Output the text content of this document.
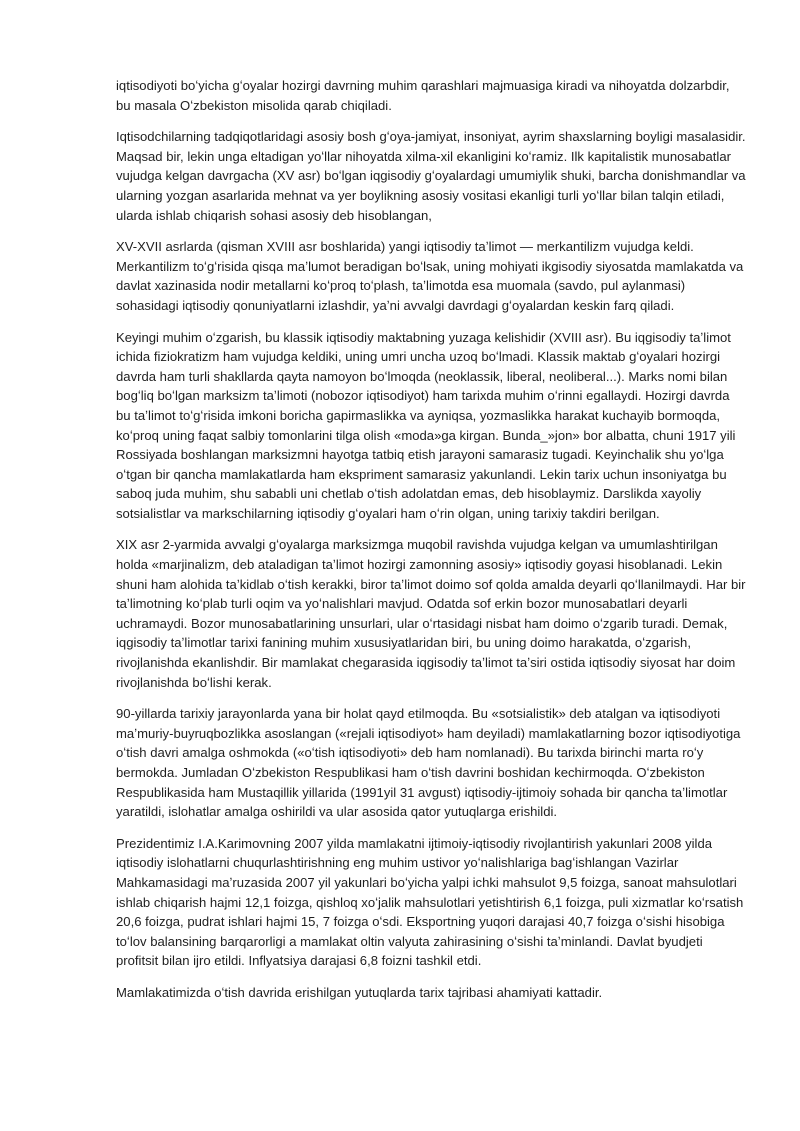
iqtisodiyoti boʻyicha gʻoyalar hozirgi davrning muhim qarashlari majmuasiga kiradi va nihoyatda dolzarbdir, bu masala Oʻzbekiston misolida qarab chiqiladi.

Iqtisodchilarning tadqiqotlaridagi asosiy bosh gʻoya-jamiyat, insoniyat, ayrim shaxslarning boyligi masalasidir. Maqsad bir, lekin unga eltadigan yoʻllar nihoyatda xilma-xil ekanligini koʻramiz. Ilk kapitalistik munosabatlar vujudga kelgan davrgacha (XV asr) boʻlgan iqgisodiy gʻoyalardagi umumiylik shuki, barcha donishmandlar va ularning yozgan asarlarida mehnat va yer boylikning asosiy vositasi ekanligi turli yoʻllar bilan talqin etiladi, ularda ishlab chiqarish sohasi asosiy deb hisoblangan,

XV-XVII asrlarda (qisman XVIII asr boshlarida) yangi iqtisodiy taʼlimot — merkantilizm vujudga keldi. Merkantilizm toʻgʻrisida qisqa maʼlumot beradigan boʻlsak, uning mohiyati ikgisodiy siyosatda mamlakatda va davlat xazinasida nodir metallarni koʻproq toʻplash, taʼlimotda esa muomala (savdo, pul aylanmasi) sohasidagi iqtisodiy qonuniyatlarni izlashdir, yaʼni avvalgi davrdagi gʻoyalardan keskin farq qiladi.

Keyingi muhim oʻzgarish, bu klassik iqtisodiy maktabning yuzaga kelishidir (XVIII asr). Bu iqgisodiy taʼlimot ichida fiziokratizm ham vujudga keldiki, uning umri uncha uzoq boʻlmadi. Klassik maktab gʻoyalari hozirgi davrda ham turli shakllarda qayta namoyon boʻlmoqda (neoklassik, liberal, neoliberal...). Marks nomi bilan bogʻliq boʻlgan marksizm taʼlimoti (nobozor iqtisodiyot) ham tarixda muhim oʻrinni egallaydi. Hozirgi davrda bu taʼlimot toʻgʻrisida imkoni boricha gapirmaslikka va ayniqsa, yozmaslikka harakat kuchayib bormoqda, koʻproq uning faqat salbiy tomonlarini tilga olish «moda»ga kirgan. Bunda_»jon» bor albatta, chuni 1917 yili Rossiyada boshlangan marksizmni hayotga tatbiq etish jarayoni samarasiz tugadi. Keyinchalik shu yoʻlga oʻtgan bir qancha mamlakatlarda ham ekspriment samarasiz yakunlandi. Lekin tarix uchun insoniyatga bu saboq juda muhim, shu sababli uni chetlab oʻtish adolatdan emas, deb hisoblaymiz. Darslikda xayoliy sotsialistlar va markschilarning iqtisodiy gʻoyalari ham oʻrin olgan, uning tarixiy takdiri berilgan.

XIX asr 2-yarmida avvalgi gʻoyalarga marksizmga muqobil ravishda vujudga kelgan va umumlashtirilgan holda «marjinalizm, deb ataladigan taʼlimot hozirgi zamonning asosiy» iqtisodiy goyasi hisoblanadi. Lekin shuni ham alohida taʼkidlab oʻtish kerakki, biror taʼlimot doimo sof qolda amalda deyarli qoʻllanilmaydi. Har bir taʼlimotning koʻplab turli oqim va yoʻnalishlari mavjud. Odatda sof erkin bozor munosabatlari deyarli uchramaydi. Bozor munosabatlarining unsurlari, ular oʻrtasidagi nisbat ham doimo oʻzgarib turadi. Demak, iqgisodiy taʼlimotlar tarixi fanining muhim xususiyatlaridan biri, bu uning doimo harakatda, oʻzgarish, rivojlanishda ekanlishdir. Bir mamlakat chegarasida iqgisodiy taʼlimot taʼsiri ostida iqtisodiy siyosat har doim rivojlanishda boʻlishi kerak.

90-yillarda tarixiy jarayonlarda yana bir holat qayd etilmoqda. Bu «sotsialistik» deb atalgan va iqtisodiyoti maʼmuriy-buyruqbozlikka asoslangan («rejali iqtisodiyot» ham deyiladi) mamlakatlarning bozor iqtisodiyotiga oʻtish davri amalga oshmokda («oʻtish iqtisodiyoti» deb ham nomlanadi). Bu tarixda birinchi marta roʻy bermokda. Jumladan Oʻzbekiston Respublikasi ham oʻtish davrini boshidan kechirmoqda. Oʻzbekiston Respublikasida ham Mustaqillik yillarida (1991yil 31 avgust) iqtisodiy-ijtimoiy sohada bir qancha taʼlimotlar yaratildi, islohatlar amalga oshirildi va ular asosida qator yutuqlarga erishildi.

Prezidentimiz I.A.Karimovning 2007 yilda mamlakatni ijtimoiy-iqtisodiy rivojlantirish yakunlari 2008 yilda iqtisodiy islohatlarni chuqurlashtirishning eng muhim ustivor yoʻnalishlariga bagʻishlangan Vazirlar Mahkamasidagi maʼruzasida 2007 yil yakunlari boʻyicha yalpi ichki mahsulot 9,5 foizga, sanoat mahsulotlari ishlab chiqarish hajmi 12,1 foizga, qishloq xoʻjalik mahsulotlari yetishtirish 6,1 foizga, puli xizmatlar koʻrsatish 20,6 foizga, pudrat ishlari hajmi 15, 7 foizga oʻsdi. Eksportning yuqori darajasi 40,7 foizga oʻsishi hisobiga toʻlov balansining barqarorligi a mamlakat oltin valyuta zahirasining oʻsishi taʼminlandi. Davlat byudjeti profitsit bilan ijro etildi. Inflyatsiya darajasi 6,8 foizni tashkil etdi.

Mamlakatimizda oʻtish davrida erishilgan yutuqlarda tarix tajribasi ahamiyati kattadir.
